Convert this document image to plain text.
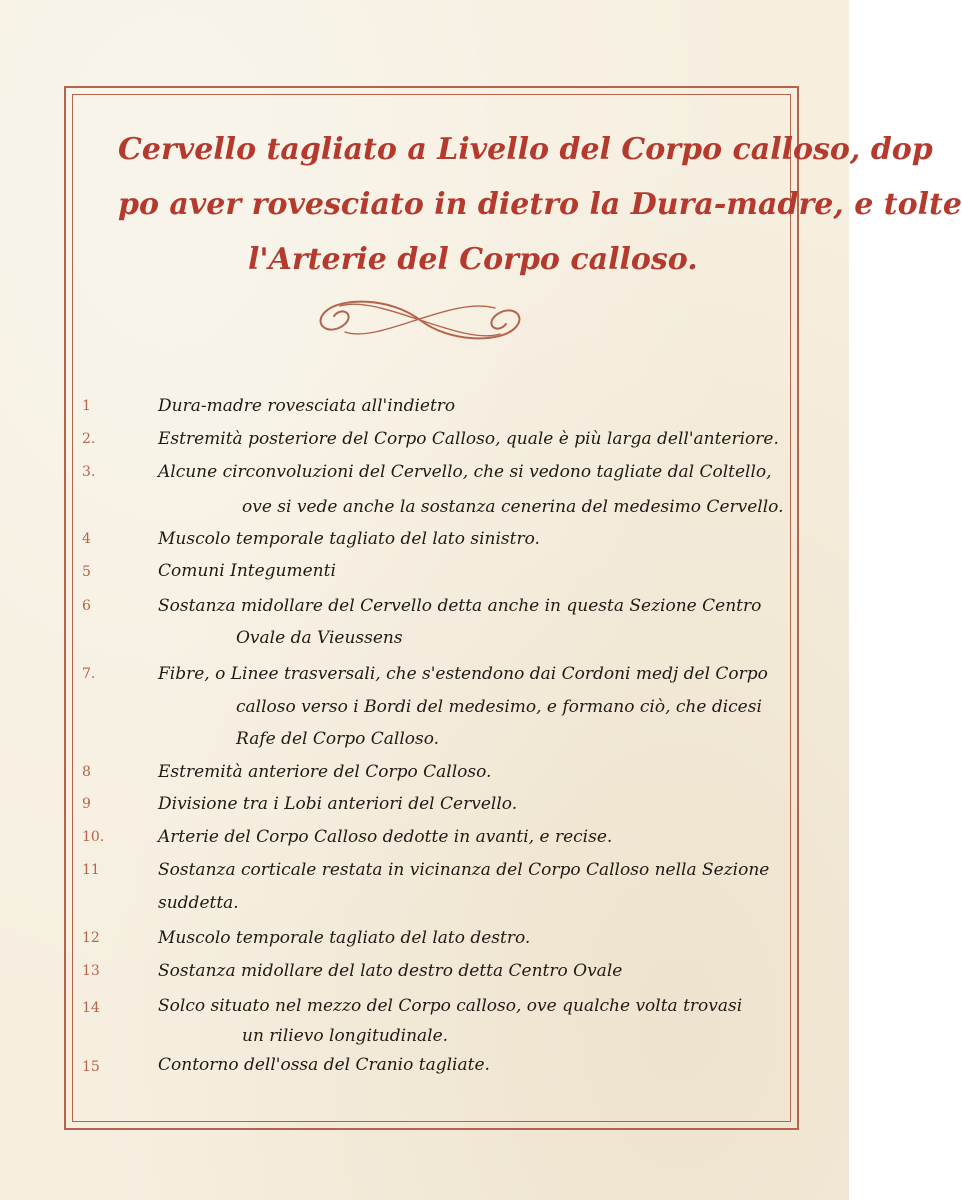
Cervello tagliato a Livello del Corpo calloso, dop
po aver rovesciato in dietro la Dura-madre, e tolte
l'Arterie del Corpo calloso.
1	Dura-madre rovesciata all'indietro
2.	Estremità posteriore del Corpo Calloso, quale è più larga dell'anteriore.
3.	Alcune circonvoluzioni del Cervello, che si vedono tagliate dal Coltello,
ove si vede anche la sostanza cenerina del medesimo Cervello.
4	Muscolo temporale tagliato del lato sinistro.
5	Comuni Integumenti
6	Sostanza midollare del Cervello detta anche in questa Sezione Centro
Ovale da Vieussens
7.	Fibre, o Linee trasversali, che s'estendono dai Cordoni medj del Corpo
calloso verso i Bordi del medesimo, e formano ciò, che dicesi
Rafe del Corpo Calloso.
8	Estremità anteriore del Corpo Calloso.
9	Divisione tra i Lobi anteriori del Cervello.
10.	Arterie del Corpo Calloso dedotte in avanti, e recise.
11	Sostanza corticale restata in vicinanza del Corpo Calloso nella Sezione
suddetta.
12	Muscolo temporale tagliato del lato destro.
13	Sostanza midollare del lato destro detta Centro Ovale
14	Solco situato nel mezzo del Corpo calloso, ove qualche volta trovasi
un rilievo longitudinale.
15	Contorno dell'ossa del Cranio tagliate.
